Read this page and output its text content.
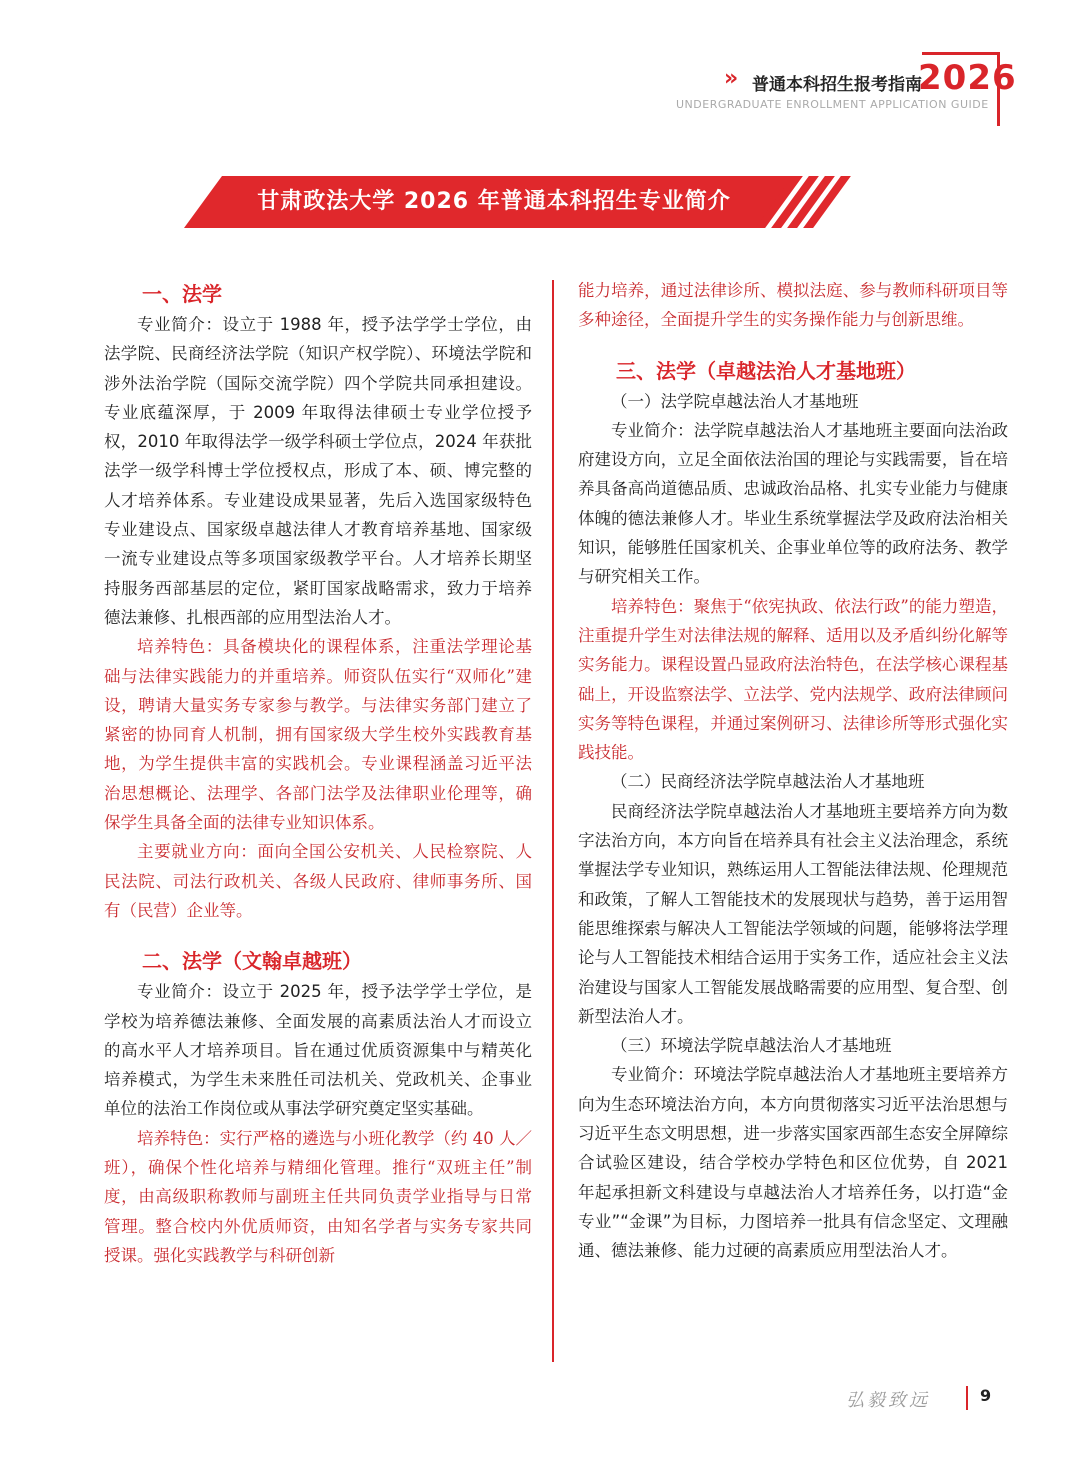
» 普通本科招生报考指南
2026
UNDERGRADUATE ENROLLMENT APPLICATION GUIDE
甘肃政法大学 2026 年普通本科招生专业简介
一、法学

专业简介：设立于 1988 年，授予法学学士学位，由法学院、民商经济法学院（知识产权学院）、环境法学院和涉外法治学院（国际交流学院）四个学院共同承担建设。专业底蕴深厚，于 2009 年取得法律硕士专业学位授予权，2010 年取得法学一级学科硕士学位点，2024 年获批法学一级学科博士学位授权点，形成了本、硕、博完整的人才培养体系。专业建设成果显著，先后入选国家级特色专业建设点、国家级卓越法律人才教育培养基地、国家级一流专业建设点等多项国家级教学平台。人才培养长期坚持服务西部基层的定位，紧盯国家战略需求，致力于培养德法兼修、扎根西部的应用型法治人才。

培养特色：具备模块化的课程体系，注重法学理论基础与法律实践能力的并重培养。师资队伍实行“双师化”建设，聘请大量实务专家参与教学。与法律实务部门建立了紧密的协同育人机制，拥有国家级大学生校外实践教育基地，为学生提供丰富的实践机会。专业课程涵盖习近平法治思想概论、法理学、各部门法学及法律职业伦理等，确保学生具备全面的法律专业知识体系。

主要就业方向：面向全国公安机关、人民检察院、人民法院、司法行政机关、各级人民政府、律师事务所、国有（民营）企业等。

二、法学（文翰卓越班）

专业简介：设立于 2025 年，授予法学学士学位，是学校为培养德法兼修、全面发展的高素质法治人才而设立的高水平人才培养项目。旨在通过优质资源集中与精英化培养模式，为学生未来胜任司法机关、党政机关、企事业单位的法治工作岗位或从事法学研究奠定坚实基础。

培养特色：实行严格的遴选与小班化教学（约 40 人／班），确保个性化培养与精细化管理。推行“双班主任”制度，由高级职称教师与副班主任共同负责学业指导与日常管理。整合校内外优质师资，由知名学者与实务专家共同授课。强化实践教学与科研创新

能力培养，通过法律诊所、模拟法庭、参与教师科研项目等多种途径，全面提升学生的实务操作能力与创新思维。

三、法学（卓越法治人才基地班）

（一）法学院卓越法治人才基地班

专业简介：法学院卓越法治人才基地班主要面向法治政府建设方向，立足全面依法治国的理论与实践需要，旨在培养具备高尚道德品质、忠诚政治品格、扎实专业能力与健康体魄的德法兼修人才。毕业生系统掌握法学及政府法治相关知识，能够胜任国家机关、企事业单位等的政府法务、教学与研究相关工作。

培养特色：聚焦于“依宪执政、依法行政”的能力塑造，注重提升学生对法律法规的解释、适用以及矛盾纠纷化解等实务能力。课程设置凸显政府法治特色，在法学核心课程基础上，开设监察法学、立法学、党内法规学、政府法律顾问实务等特色课程，并通过案例研习、法律诊所等形式强化实践技能。

（二）民商经济法学院卓越法治人才基地班

民商经济法学院卓越法治人才基地班主要培养方向为数字法治方向，本方向旨在培养具有社会主义法治理念，系统掌握法学专业知识，熟练运用人工智能法律法规、伦理规范和政策，了解人工智能技术的发展现状与趋势，善于运用智能思维探索与解决人工智能法学领域的问题，能够将法学理论与人工智能技术相结合运用于实务工作，适应社会主义法治建设与国家人工智能发展战略需要的应用型、复合型、创新型法治人才。

（三）环境法学院卓越法治人才基地班

专业简介：环境法学院卓越法治人才基地班主要培养方向为生态环境法治方向，本方向贯彻落实习近平法治思想与习近平生态文明思想，进一步落实国家西部生态安全屏障综合试验区建设，结合学校办学特色和区位优势，自 2021 年起承担新文科建设与卓越法治人才培养任务，以打造“金专业”“金课”为目标，力图培养一批具有信念坚定、文理融通、德法兼修、能力过硬的高素质应用型法治人才。

弘毅致远	9
